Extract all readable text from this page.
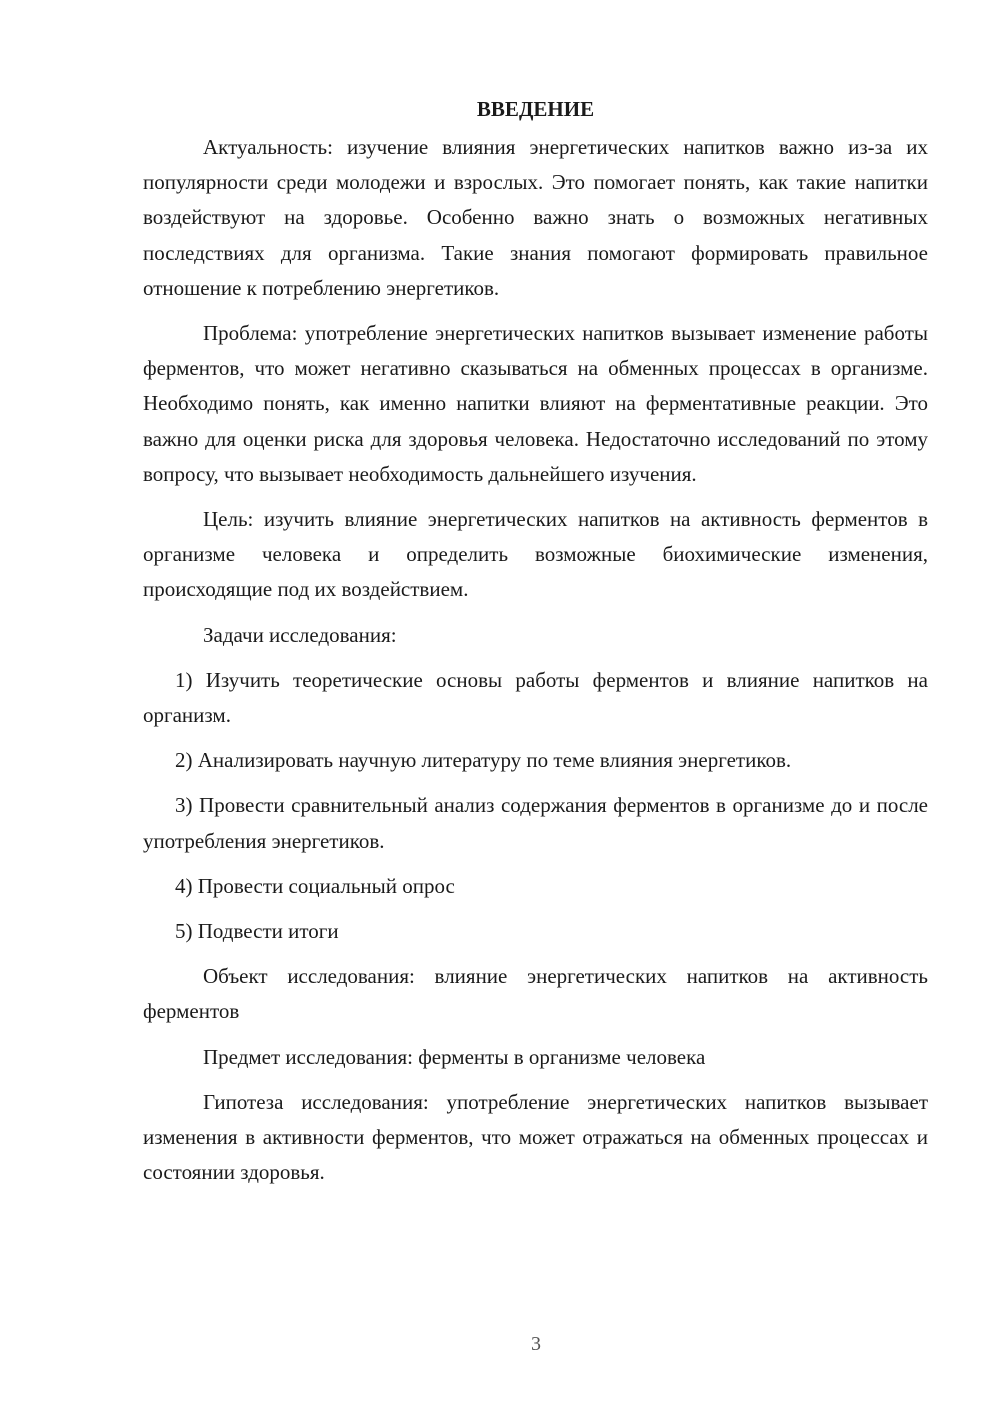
ВВЕДЕНИЕ

Актуальность: изучение влияния энергетических напитков важно из-за их популярности среди молодежи и взрослых. Это помогает понять, как такие напитки воздействуют на здоровье. Особенно важно знать о возможных негативных последствиях для организма. Такие знания помогают формировать правильное отношение к потреблению энергетиков.

Проблема: употребление энергетических напитков вызывает изменение работы ферментов, что может негативно сказываться на обменных процессах в организме. Необходимо понять, как именно напитки влияют на ферментативные реакции. Это важно для оценки риска для здоровья человека. Недостаточно исследований по этому вопросу, что вызывает необходимость дальнейшего изучения.

Цель: изучить влияние энергетических напитков на активность ферментов в организме человека и определить возможные биохимические изменения, происходящие под их воздействием.

Задачи исследования:

1) Изучить теоретические основы работы ферментов и влияние напитков на организм.

2) Анализировать научную литературу по теме влияния энергетиков.

3) Провести сравнительный анализ содержания ферментов в организме до и после употребления энергетиков.

4) Провести социальный опрос

5) Подвести итоги

Объект исследования: влияние энергетических напитков на активность ферментов

Предмет исследования: ферменты в организме человека

Гипотеза исследования: употребление энергетических напитков вызывает изменения в активности ферментов, что может отражаться на обменных процессах и состоянии здоровья.

3
